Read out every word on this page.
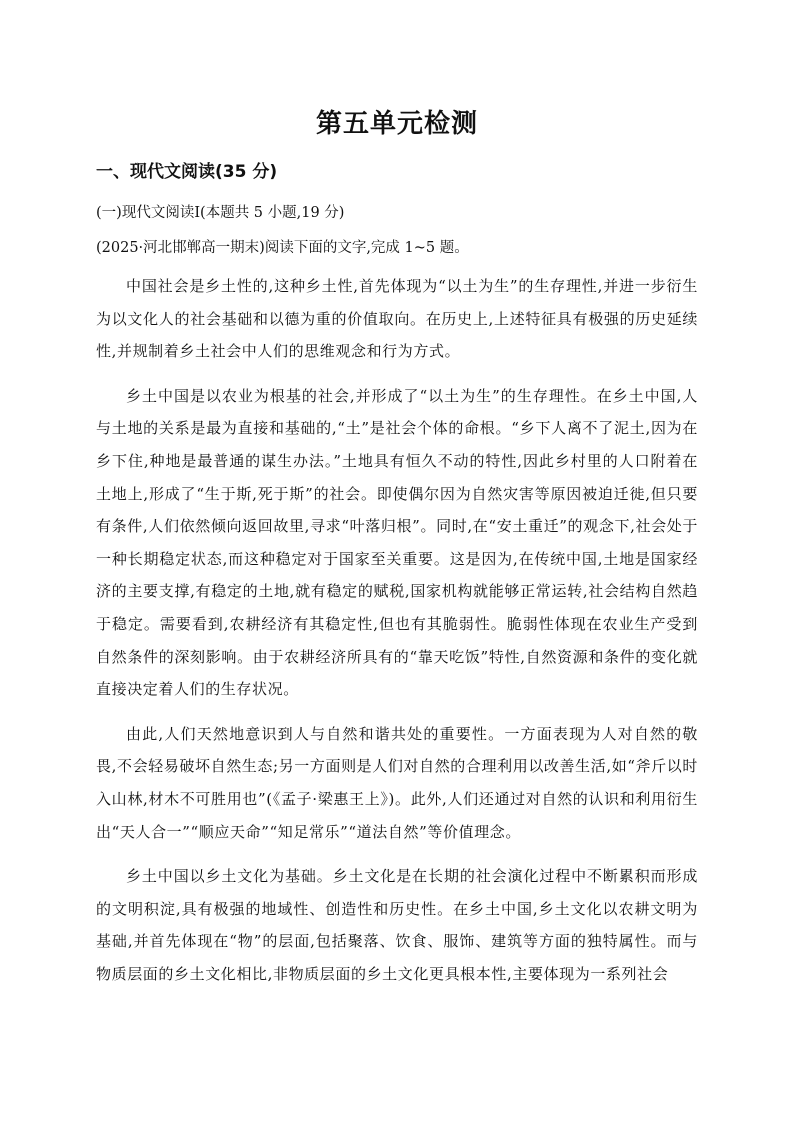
第五单元检测
一、现代文阅读(35 分)

(一)现代文阅读Ⅰ(本题共 5 小题,19 分)

(2025·河北邯郸高一期末)阅读下面的文字,完成 1~5 题。

中国社会是乡土性的,这种乡土性,首先体现为“以土为生”的生存理性,并进一步衍生为以文化人的社会基础和以德为重的价值取向。在历史上,上述特征具有极强的历史延续性,并规制着乡土社会中人们的思维观念和行为方式。

乡土中国是以农业为根基的社会,并形成了“以土为生”的生存理性。在乡土中国,人与土地的关系是最为直接和基础的,“土”是社会个体的命根。“乡下人离不了泥土,因为在乡下住,种地是最普通的谋生办法。”土地具有恒久不动的特性,因此乡村里的人口附着在土地上,形成了“生于斯,死于斯”的社会。即使偶尔因为自然灾害等原因被迫迁徙,但只要有条件,人们依然倾向返回故里,寻求“叶落归根”。同时,在“安土重迁”的观念下,社会处于一种长期稳定状态,而这种稳定对于国家至关重要。这是因为,在传统中国,土地是国家经济的主要支撑,有稳定的土地,就有稳定的赋税,国家机构就能够正常运转,社会结构自然趋于稳定。需要看到,农耕经济有其稳定性,但也有其脆弱性。脆弱性体现在农业生产受到自然条件的深刻影响。由于农耕经济所具有的“靠天吃饭”特性,自然资源和条件的变化就直接决定着人们的生存状况。

由此,人们天然地意识到人与自然和谐共处的重要性。一方面表现为人对自然的敬畏,不会轻易破坏自然生态;另一方面则是人们对自然的合理利用以改善生活,如“斧斤以时入山林,材木不可胜用也”(《孟子·梁惠王上》)。此外,人们还通过对自然的认识和利用衍生出“天人合一”“顺应天命”“知足常乐”“道法自然”等价值理念。

乡土中国以乡土文化为基础。乡土文化是在长期的社会演化过程中不断累积而形成的文明积淀,具有极强的地域性、创造性和历史性。在乡土中国,乡土文化以农耕文明为基础,并首先体现在“物”的层面,包括聚落、饮食、服饰、建筑等方面的独特属性。而与物质层面的乡土文化相比,非物质层面的乡土文化更具根本性,主要体现为一系列社会
